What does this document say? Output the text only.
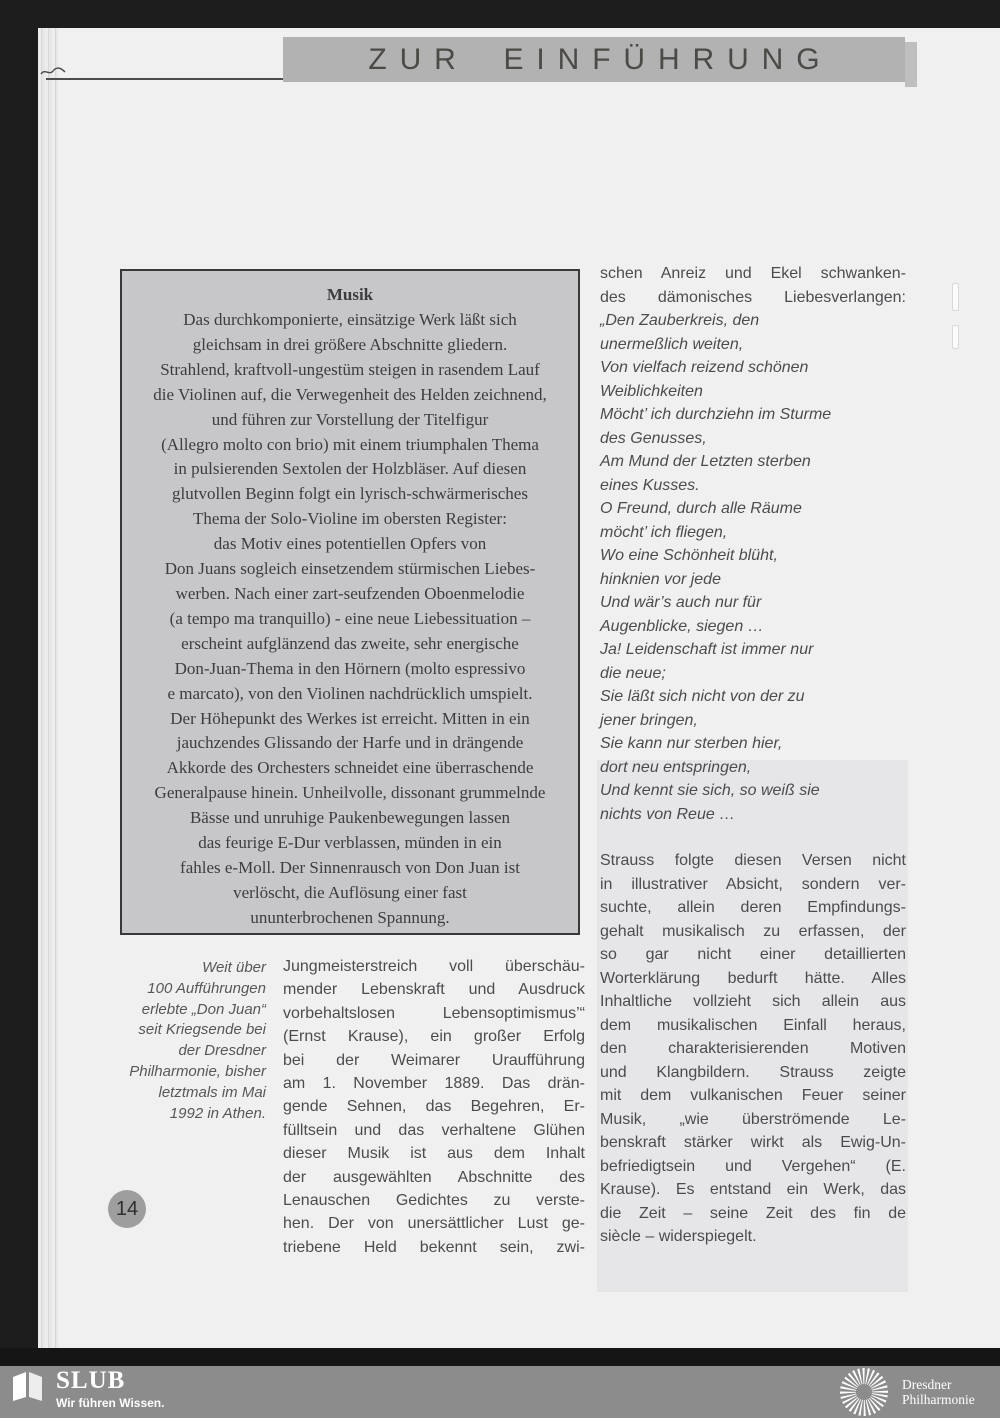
ZUR EINFÜHRUNG
Musik
Das durchkomponierte, einsätzige Werk läßt sich
gleichsam in drei größere Abschnitte gliedern.
Strahlend, kraftvoll-ungestüm steigen in rasendem Lauf
die Violinen auf, die Verwegenheit des Helden zeichnend,
und führen zur Vorstellung der Titelfigur
(Allegro molto con brio) mit einem triumphalen Thema
in pulsierenden Sextolen der Holzbläser. Auf diesen
glutvollen Beginn folgt ein lyrisch-schwärmerisches
Thema der Solo-Violine im obersten Register:
das Motiv eines potentiellen Opfers von
Don Juans sogleich einsetzendem stürmischen Liebes-
werben. Nach einer zart-seufzenden Oboenmelodie
(a tempo ma tranquillo) - eine neue Liebessituation –
erscheint aufglänzend das zweite, sehr energische
Don-Juan-Thema in den Hörnern (molto espressivo
e marcato), von den Violinen nachdrücklich umspielt.
Der Höhepunkt des Werkes ist erreicht. Mitten in ein
jauchzendes Glissando der Harfe und in drängende
Akkorde des Orchesters schneidet eine überraschende
Generalpause hinein. Unheilvolle, dissonant grummelnde
Bässe und unruhige Paukenbewegungen lassen
das feurige E-Dur verblassen, münden in ein
fahles e-Moll. Der Sinnenrausch von Don Juan ist
verlöscht, die Auflösung einer fast
ununterbrochenen Spannung.
schen Anreiz und Ekel schwanken-
des dämonisches Liebesverlangen:
„Den Zauberkreis, den
unermeßlich weiten,
Von vielfach reizend schönen
Weiblichkeiten
Möcht’ ich durchziehn im Sturme
des Genusses,
Am Mund der Letzten sterben
eines Kusses.
O Freund, durch alle Räume
möcht’ ich fliegen,
Wo eine Schönheit blüht,
hinknien vor jede
Und wär’s auch nur für
Augenblicke, siegen …
Ja! Leidenschaft ist immer nur
die neue;
Sie läßt sich nicht von der zu
jener bringen,
Sie kann nur sterben hier,
dort neu entspringen,
Und kennt sie sich, so weiß sie
nichts von Reue …
Strauss folgte diesen Versen nicht
in illustrativer Absicht, sondern ver-
suchte, allein deren Empfindungs-
gehalt musikalisch zu erfassen, der
so gar nicht einer detaillierten
Worterklärung bedurft hätte. Alles
Inhaltliche vollzieht sich allein aus
dem musikalischen Einfall heraus,
den charakterisierenden Motiven
und Klangbildern. Strauss zeigte
mit dem vulkanischen Feuer seiner
Musik, „wie überströmende Le-
benskraft stärker wirkt als Ewig-Un-
befriedigtsein und Vergehen“ (E.
Krause). Es entstand ein Werk, das
die Zeit – seine Zeit des fin de
siècle – widerspiegelt.
Weit über
100 Aufführungen
erlebte „Don Juan“
seit Kriegsende bei
der Dresdner
Philharmonie, bisher
letztmals im Mai
1992 in Athen.
Jungmeisterstreich voll überschäu-
mender Lebenskraft und Ausdruck
vorbehaltslosen Lebensoptimismus’“
(Ernst Krause), ein großer Erfolg
bei der Weimarer Uraufführung
am 1. November 1889. Das drän-
gende Sehnen, das Begehren, Er-
fülltsein und das verhaltene Glühen
dieser Musik ist aus dem Inhalt
der ausgewählten Abschnitte des
Lenauschen Gedichtes zu verste-
hen. Der von unersättlicher Lust ge-
triebene Held bekennt sein, zwi-
14
SLUB
Wir führen Wissen.
Dresdner
Philharmonie
